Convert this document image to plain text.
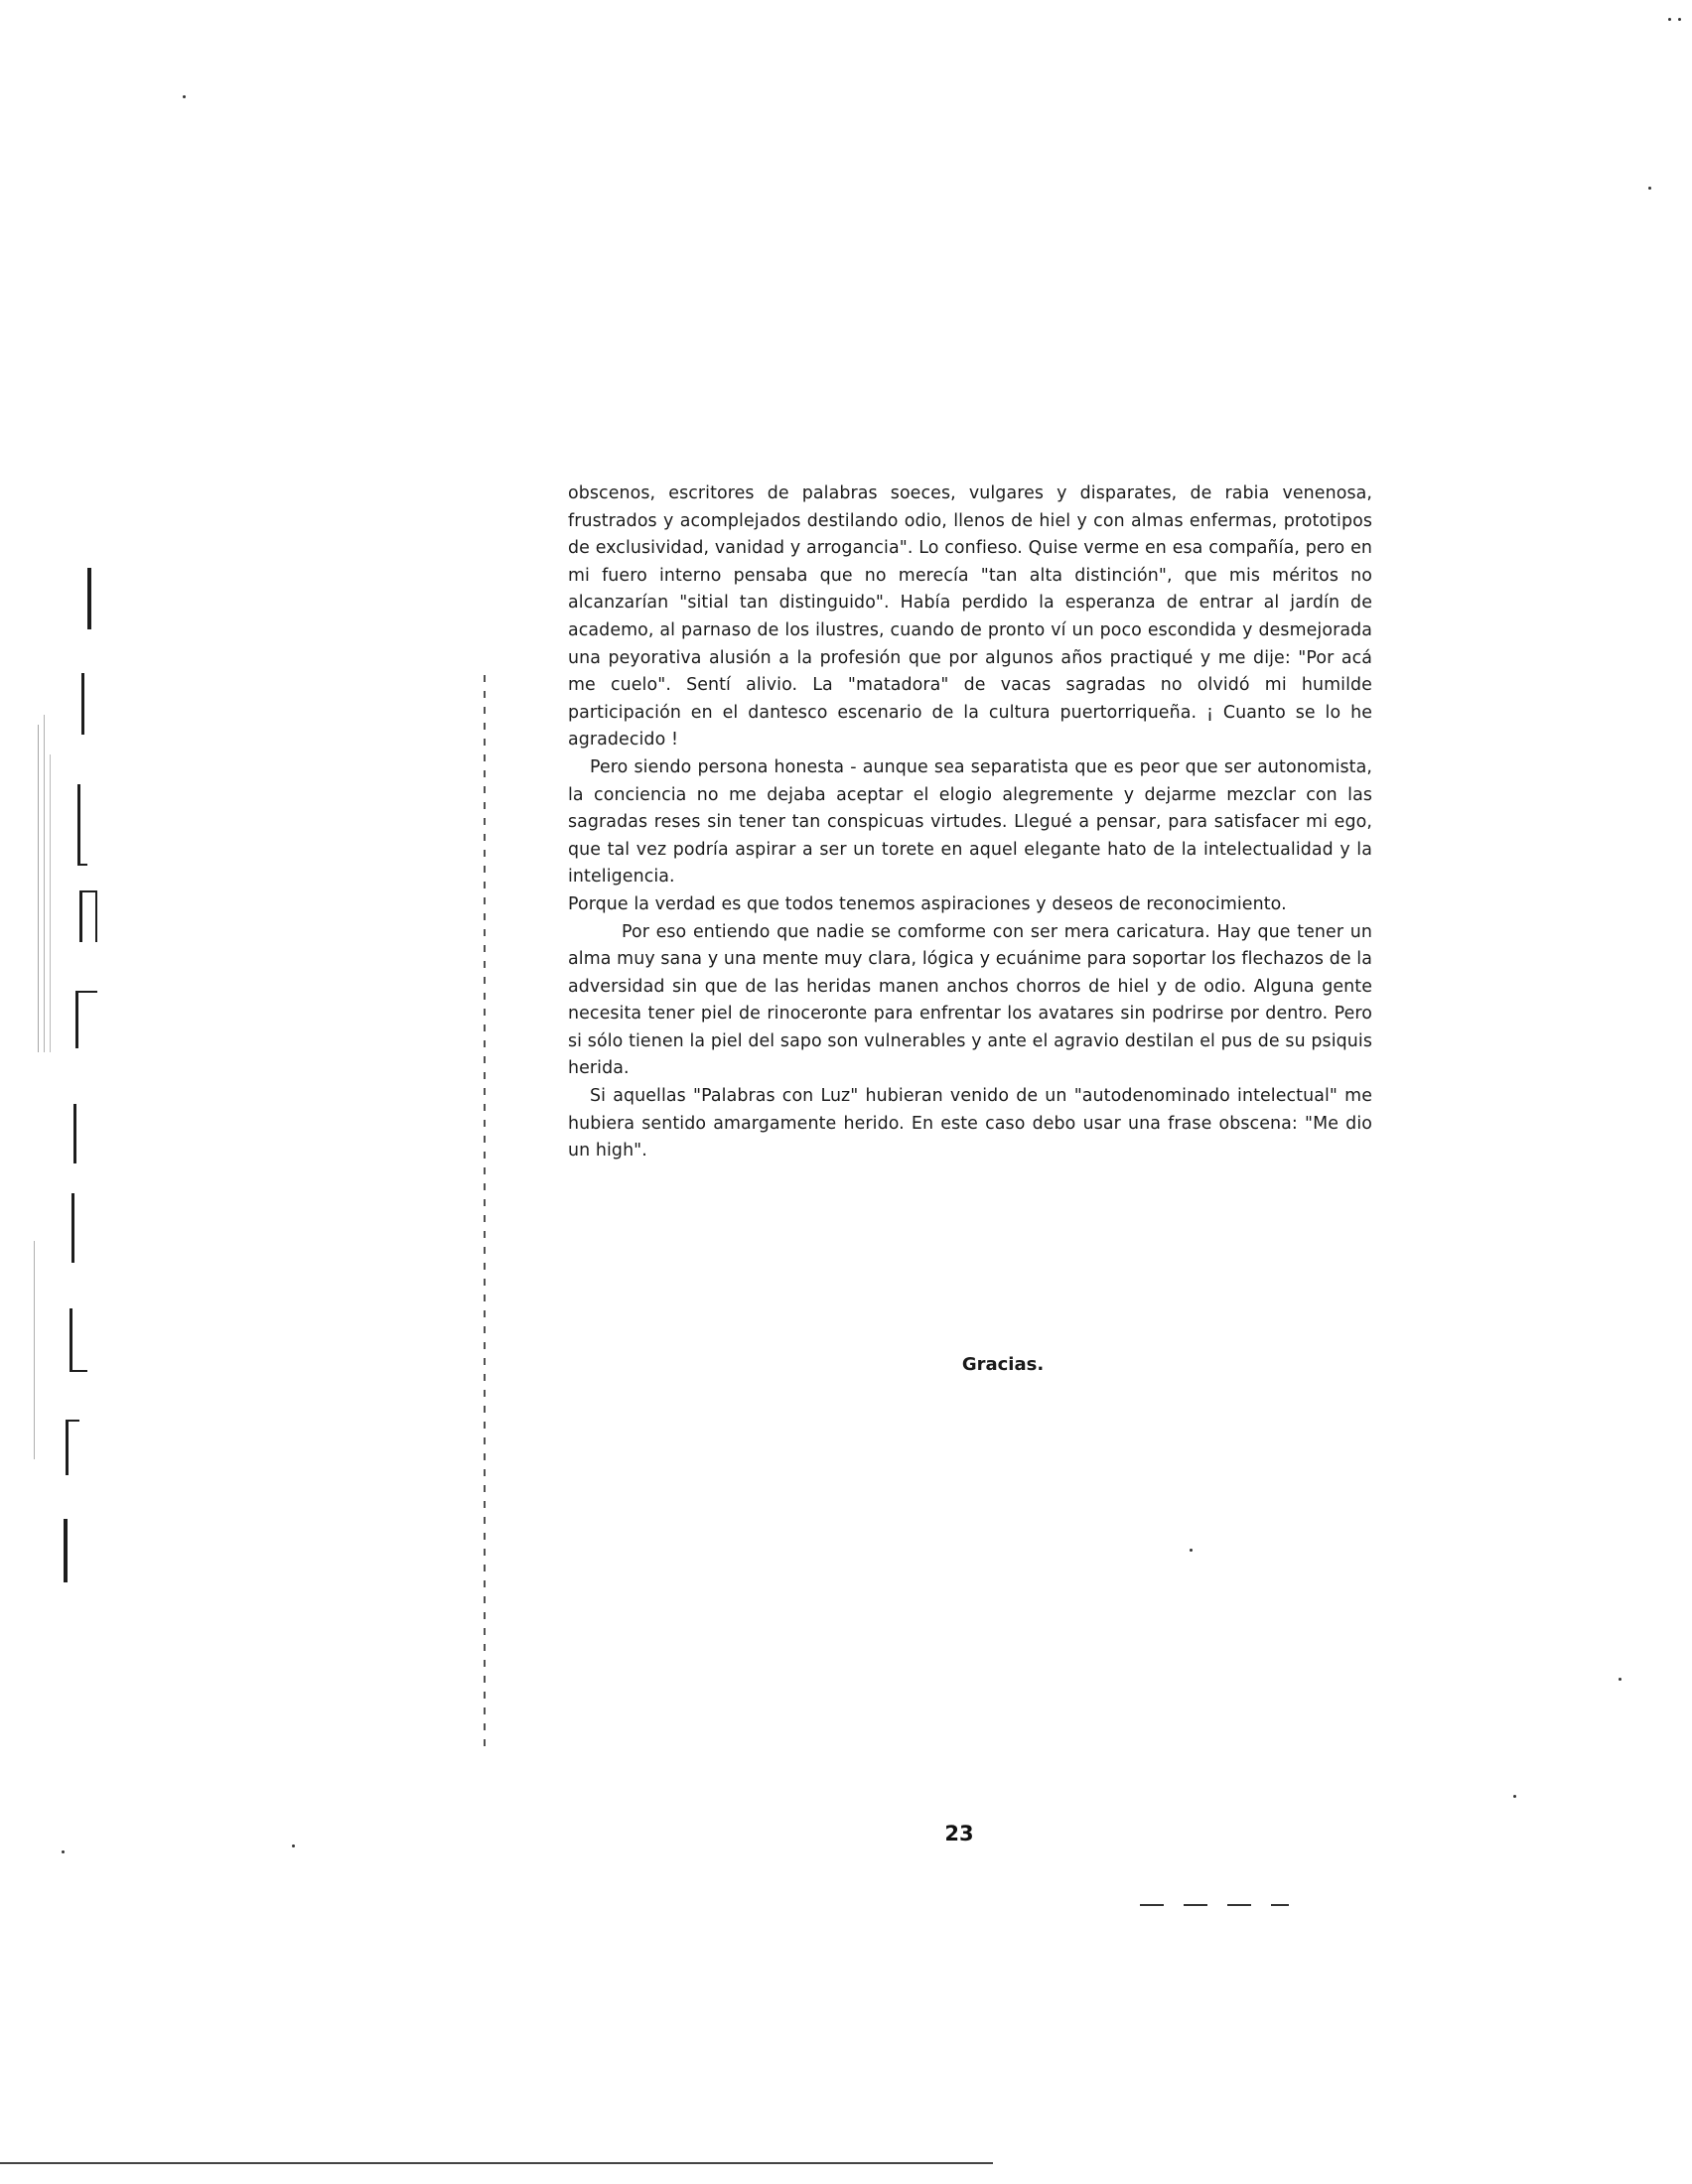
obscenos, escritores de palabras soeces, vulgares y disparates, de rabia venenosa, frustrados y acomplejados destilando odio, llenos de hiel y con almas enfermas, prototipos de exclusividad, vanidad y arrogancia". Lo confieso. Quise verme en esa compañía, pero en mi fuero interno pensaba que no merecía "tan alta distinción", que mis méritos no alcanzarían "sitial tan distinguido". Había perdido la esperanza de entrar al jardín de academo, al parnaso de los ilustres, cuando de pronto ví un poco escondida y desmejorada una peyorativa alusión a la profesión que por algunos años practiqué y me dije: "Por acá me cuelo". Sentí alivio. La "matadora" de vacas sagradas no olvidó mi humilde participación en el dantesco escenario de la cultura puertorriqueña. ¡ Cuanto se lo he agradecido !

Pero siendo persona honesta - aunque sea separatista que es peor que ser autonomista, la conciencia no me dejaba aceptar el elogio alegremente y dejarme mezclar con las sagradas reses sin tener tan conspicuas virtudes. Llegué a pensar, para satisfacer mi ego, que tal vez podría aspirar a ser un torete en aquel elegante hato de la intelectualidad y la inteligencia.

Porque la verdad es que todos tenemos aspiraciones y deseos de reconocimiento.

Por eso entiendo que nadie se comforme con ser mera caricatura. Hay que tener un alma muy sana y una mente muy clara, lógica y ecuánime para soportar los flechazos de la adversidad sin que de las heridas manen anchos chorros de hiel y de odio. Alguna gente necesita tener piel de rinoceronte para enfrentar los avatares sin podrirse por dentro. Pero si sólo tienen la piel del sapo son vulnerables y ante el agravio destilan el pus de su psiquis herida.

Si aquellas "Palabras con Luz" hubieran venido de un "autodenominado intelectual" me hubiera sentido amargamente herido. En este caso debo usar una frase obscena: "Me dio un high".

Gracias.
23
